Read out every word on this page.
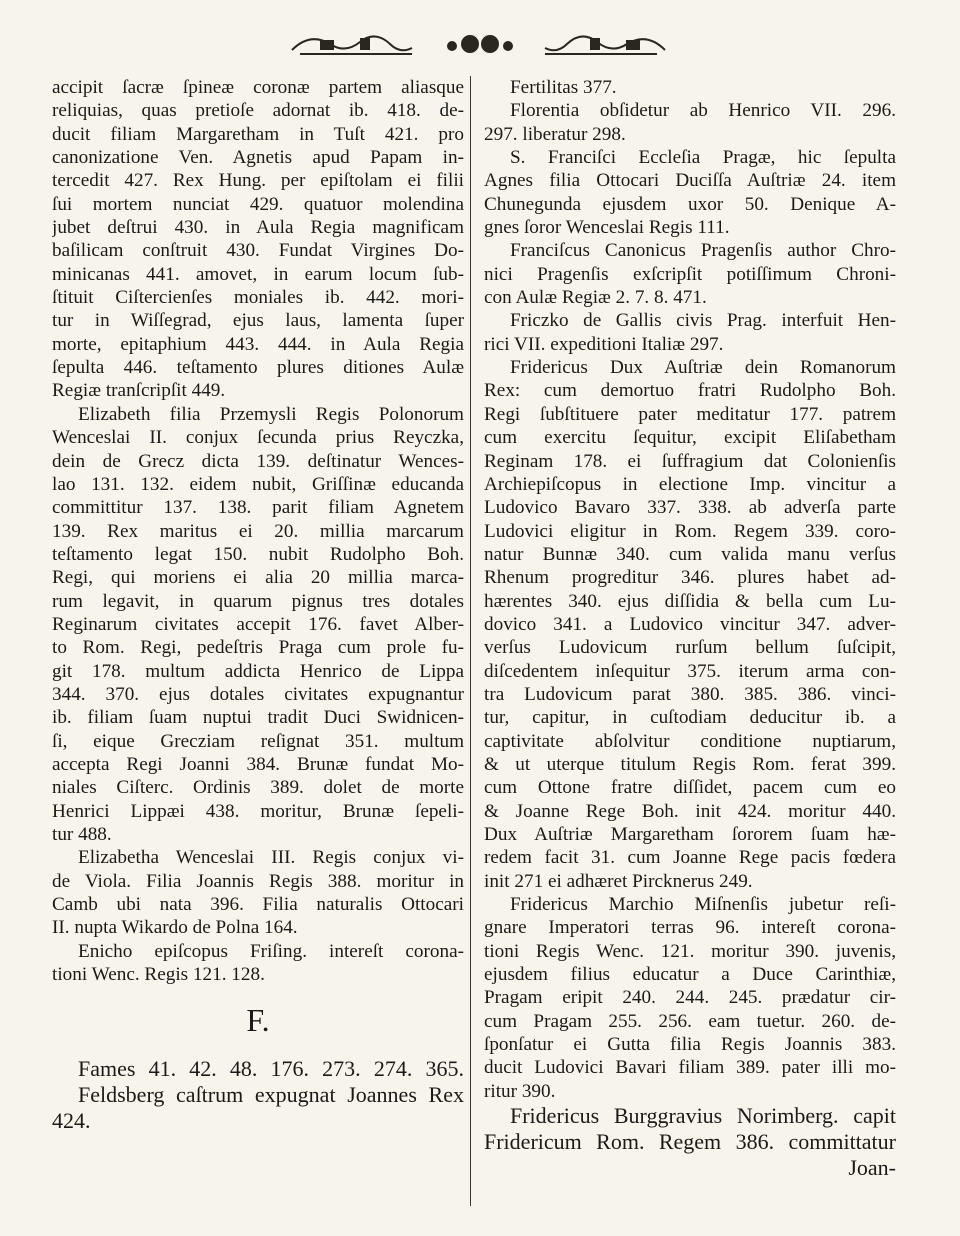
accipit ſacræ ſpineæ coronæ partem aliasque
reliquias, quas pretioſe adornat ib. 418. de-
ducit filiam Margaretham in Tuſt 421. pro
canonizatione Ven. Agnetis apud Papam in-
tercedit 427. Rex Hung. per epiſtolam ei filii
ſui mortem nunciat 429. quatuor molendina
jubet deſtrui 430. in Aula Regia magnificam
baſilicam conſtruit 430. Fundat Virgines Do-
minicanas 441. amovet, in earum locum ſub-
ſtituit Ciſtercienſes moniales ib. 442. mori-
tur in Wiſſegrad, ejus laus, lamenta ſuper
morte, epitaphium 443. 444. in Aula Regia
ſepulta 446. teſtamento plures ditiones Aulæ
Regiæ tranſcripſit 449.
Elizabeth filia Przemysli Regis Polonorum
Wenceslai II. conjux ſecunda prius Reyczka,
dein de Grecz dicta 139. deſtinatur Wences-
lao 131. 132. eidem nubit, Griſſinæ educanda
committitur 137. 138. parit filiam Agnetem
139. Rex maritus ei 20. millia marcarum
teſtamento legat 150. nubit Rudolpho Boh.
Regi, qui moriens ei alia 20 millia marca-
rum legavit, in quarum pignus tres dotales
Reginarum civitates accepit 176. favet Alber-
to Rom. Regi, pedeſtris Praga cum prole fu-
git 178. multum addicta Henrico de Lippa
344. 370. ejus dotales civitates expugnantur
ib. filiam ſuam nuptui tradit Duci Swidnicen-
ſi, eique Grecziam reſignat 351. multum
accepta Regi Joanni 384. Brunæ fundat Mo-
niales Ciſterc. Ordinis 389. dolet de morte
Henrici Lippæi 438. moritur, Brunæ ſepeli-
tur 488.
Elizabetha Wenceslai III. Regis conjux vi-
de Viola. Filia Joannis Regis 388. moritur in
Camb ubi nata 396. Filia naturalis Ottocari
II. nupta Wikardo de Polna 164.
Enicho epiſcopus Friſing. intereſt corona-
tioni Wenc. Regis 121. 128.
F.
Fames 41. 42. 48. 176. 273. 274. 365.
Feldsberg caſtrum expugnat Joannes Rex
424.
Fertilitas 377.
Florentia obſidetur ab Henrico VII. 296.
297. liberatur 298.
S. Franciſci Eccleſia Pragæ, hic ſepulta
Agnes filia Ottocari Duciſſa Auſtriæ 24. item
Chunegunda ejusdem uxor 50. Denique A-
gnes ſoror Wenceslai Regis 111.
Franciſcus Canonicus Pragenſis author Chro-
nici Pragenſis exſcripſit potiſſimum Chroni-
con Aulæ Regiæ 2. 7. 8. 471.
Friczko de Gallis civis Prag. interfuit Hen-
rici VII. expeditioni Italiæ 297.
Fridericus Dux Auſtriæ dein Romanorum
Rex: cum demortuo fratri Rudolpho Boh.
Regi ſubſtituere pater meditatur 177. patrem
cum exercitu ſequitur, excipit Eliſabetham
Reginam 178. ei ſuffragium dat Colonienſis
Archiepiſcopus in electione Imp. vincitur a
Ludovico Bavaro 337. 338. ab adverſa parte
Ludovici eligitur in Rom. Regem 339. coro-
natur Bunnæ 340. cum valida manu verſus
Rhenum progreditur 346. plures habet ad-
hærentes 340. ejus diſſidia & bella cum Lu-
dovico 341. a Ludovico vincitur 347. adver-
verſus Ludovicum rurſum bellum ſuſcipit,
diſcedentem inſequitur 375. iterum arma con-
tra Ludovicum parat 380. 385. 386. vinci-
tur, capitur, in cuſtodiam deducitur ib. a
captivitate abſolvitur conditione nuptiarum,
& ut uterque titulum Regis Rom. ferat 399.
cum Ottone fratre diſſidet, pacem cum eo
& Joanne Rege Boh. init 424. moritur 440.
Dux Auſtriæ Margaretham ſororem ſuam hæ-
redem facit 31. cum Joanne Rege pacis fœdera
init 271 ei adhæret Pircknerus 249.
Fridericus Marchio Miſnenſis jubetur reſi-
gnare Imperatori terras 96. intereſt corona-
tioni Regis Wenc. 121. moritur 390. juvenis,
ejusdem filius educatur a Duce Carinthiæ,
Pragam eripit 240. 244. 245. prædatur cir-
cum Pragam 255. 256. eam tuetur. 260. de-
ſponſatur ei Gutta filia Regis Joannis 383.
ducit Ludovici Bavari filiam 389. pater illi mo-
ritur 390.
Fridericus Burggravius Norimberg. capit
Fridericum Rom. Regem 386. committatur
Joan-
